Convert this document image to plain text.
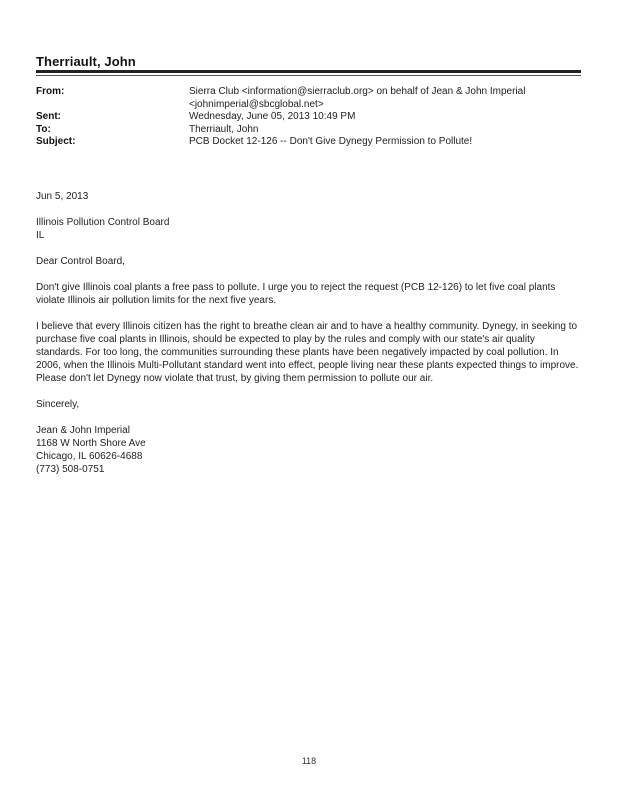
Therriault, John
From:	Sierra Club <information@sierraclub.org> on behalf of Jean & John Imperial
<johnimperial@sbcglobal.net>
Sent:	Wednesday, June 05, 2013 10:49 PM
To:	Therriault, John
Subject:	PCB Docket 12-126 -- Don't Give Dynegy Permission to Pollute!

Jun 5, 2013

Illinois Pollution Control Board
IL

Dear Control Board,

Don't give Illinois coal plants a free pass to pollute. I urge you to reject the request (PCB 12-126) to let five coal plants violate Illinois air pollution limits for the next five years.

I believe that every Illinois citizen has the right to breathe clean air and to have a healthy community. Dynegy, in seeking to purchase five coal plants in Illinois, should be expected to play by the rules and comply with our state's air quality standards. For too long, the communities surrounding these plants have been negatively impacted by coal pollution. In 2006, when the Illinois Multi-Pollutant standard went into effect, people living near these plants expected things to improve. Please don't let Dynegy now violate that trust, by giving them permission to pollute our air.

Sincerely,

Jean & John Imperial
1168 W North Shore Ave
Chicago, IL 60626-4688
(773) 508-0751

118
